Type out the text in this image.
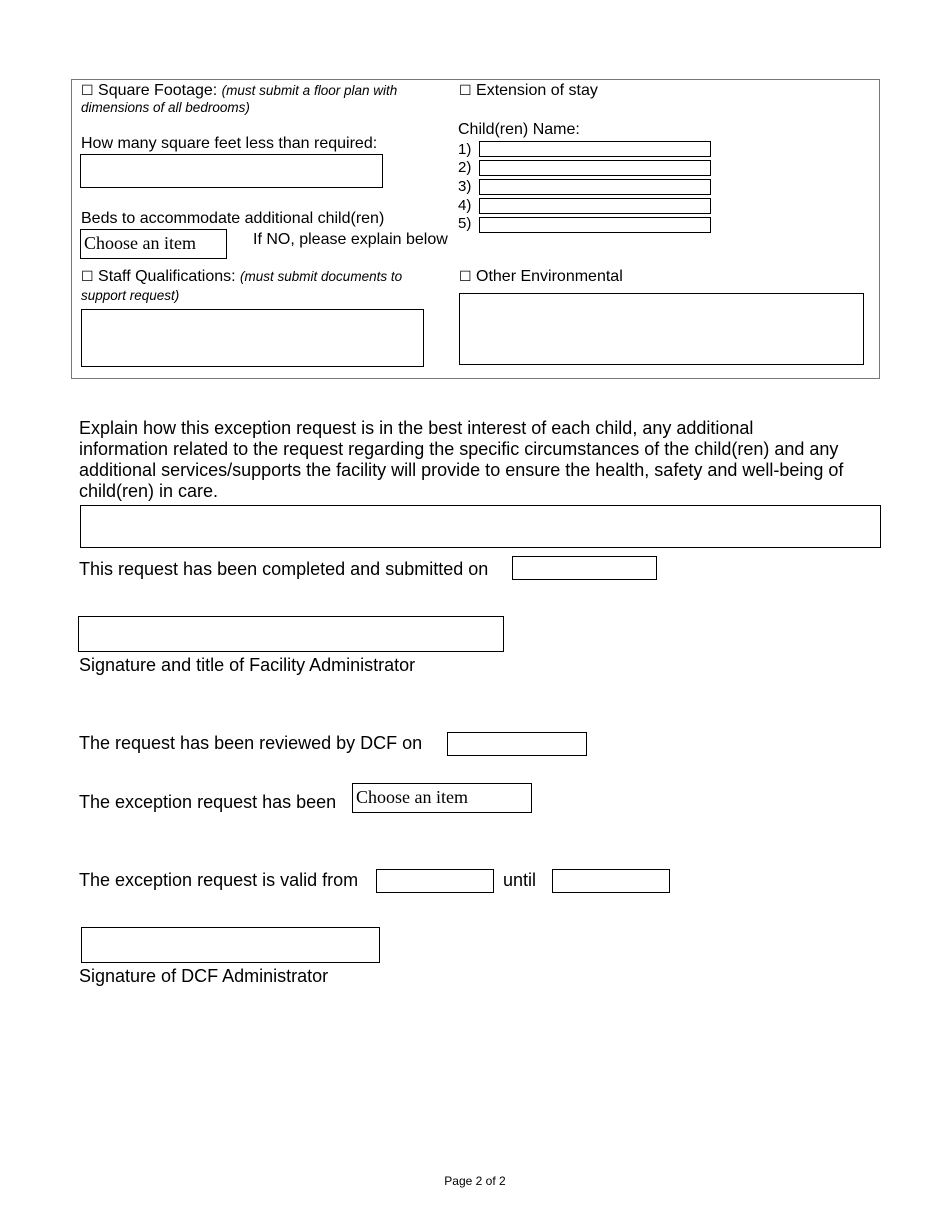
☐ Square Footage: (must submit a floor plan with
dimensions of all bedrooms)
How many square feet less than required:
Beds to accommodate additional child(ren)
Choose an item	If NO, please explain below
☐ Staff Qualifications: (must submit documents to
support request)
☐ Extension of stay
Child(ren) Name:
1)
2)
3)
4)
5)
☐ Other Environmental
Explain how this exception request is in the best interest of each child, any additional
information related to the request regarding the specific circumstances of the child(ren) and any
additional services/supports the facility will provide to ensure the health, safety and well-being of
child(ren) in care.
This request has been completed and submitted on
Signature and title of Facility Administrator
The request has been reviewed by DCF on
The exception request has been Choose an item
The exception request is valid from	until
Signature of DCF Administrator
Page 2 of 2
